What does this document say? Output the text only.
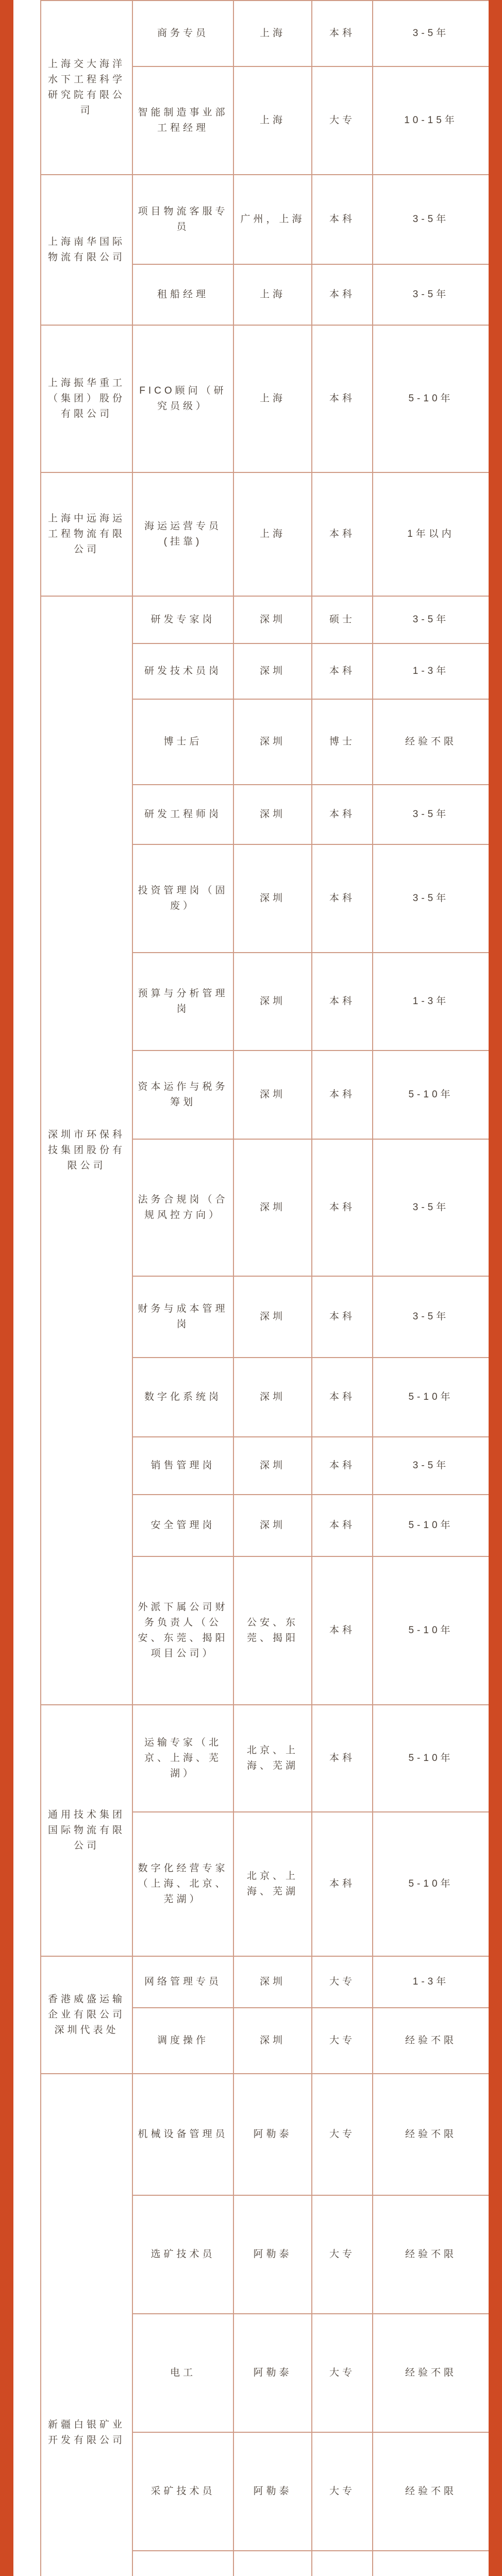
上海交大海洋水下工程科学研究院有限公司	商务专员	上海	本科	3-5年
	智能制造事业部工程经理	上海	大专	10-15年
上海南华国际物流有限公司	项目物流客服专员	广州，上海	本科	3-5年
	租船经理	上海	本科	3-5年
上海振华重工（集团）股份有限公司	FICO顾问（研究员级）	上海	本科	5-10年
上海中远海运工程物流有限公司	海运运营专员(挂靠)	上海	本科	1年以内
深圳市环保科技集团股份有限公司	研发专家岗	深圳	硕士	3-5年
	研发技术员岗	深圳	本科	1-3年
	博士后	深圳	博士	经验不限
	研发工程师岗	深圳	本科	3-5年
	投资管理岗（固废）	深圳	本科	3-5年
	预算与分析管理岗	深圳	本科	1-3年
	资本运作与税务筹划	深圳	本科	5-10年
	法务合规岗（合规风控方向）	深圳	本科	3-5年
	财务与成本管理岗	深圳	本科	3-5年
	数字化系统岗	深圳	本科	5-10年
	销售管理岗	深圳	本科	3-5年
	安全管理岗	深圳	本科	5-10年
	外派下属公司财务负责人（公安、东莞、揭阳项目公司）	公安、东莞、揭阳	本科	5-10年
通用技术集团国际物流有限公司	运输专家（北京、上海、芜湖）	北京、上海、芜湖	本科	5-10年
	数字化经营专家（上海、北京、芜湖）	北京、上海、芜湖	本科	5-10年
香港威盛运输企业有限公司深圳代表处	网络管理专员	深圳	大专	1-3年
	调度操作	深圳	大专	经验不限
新疆白银矿业开发有限公司	机械设备管理员	阿勒泰	大专	经验不限
	选矿技术员	阿勒泰	大专	经验不限
	电工	阿勒泰	大专	经验不限
	采矿技术员	阿勒泰	大专	经验不限
